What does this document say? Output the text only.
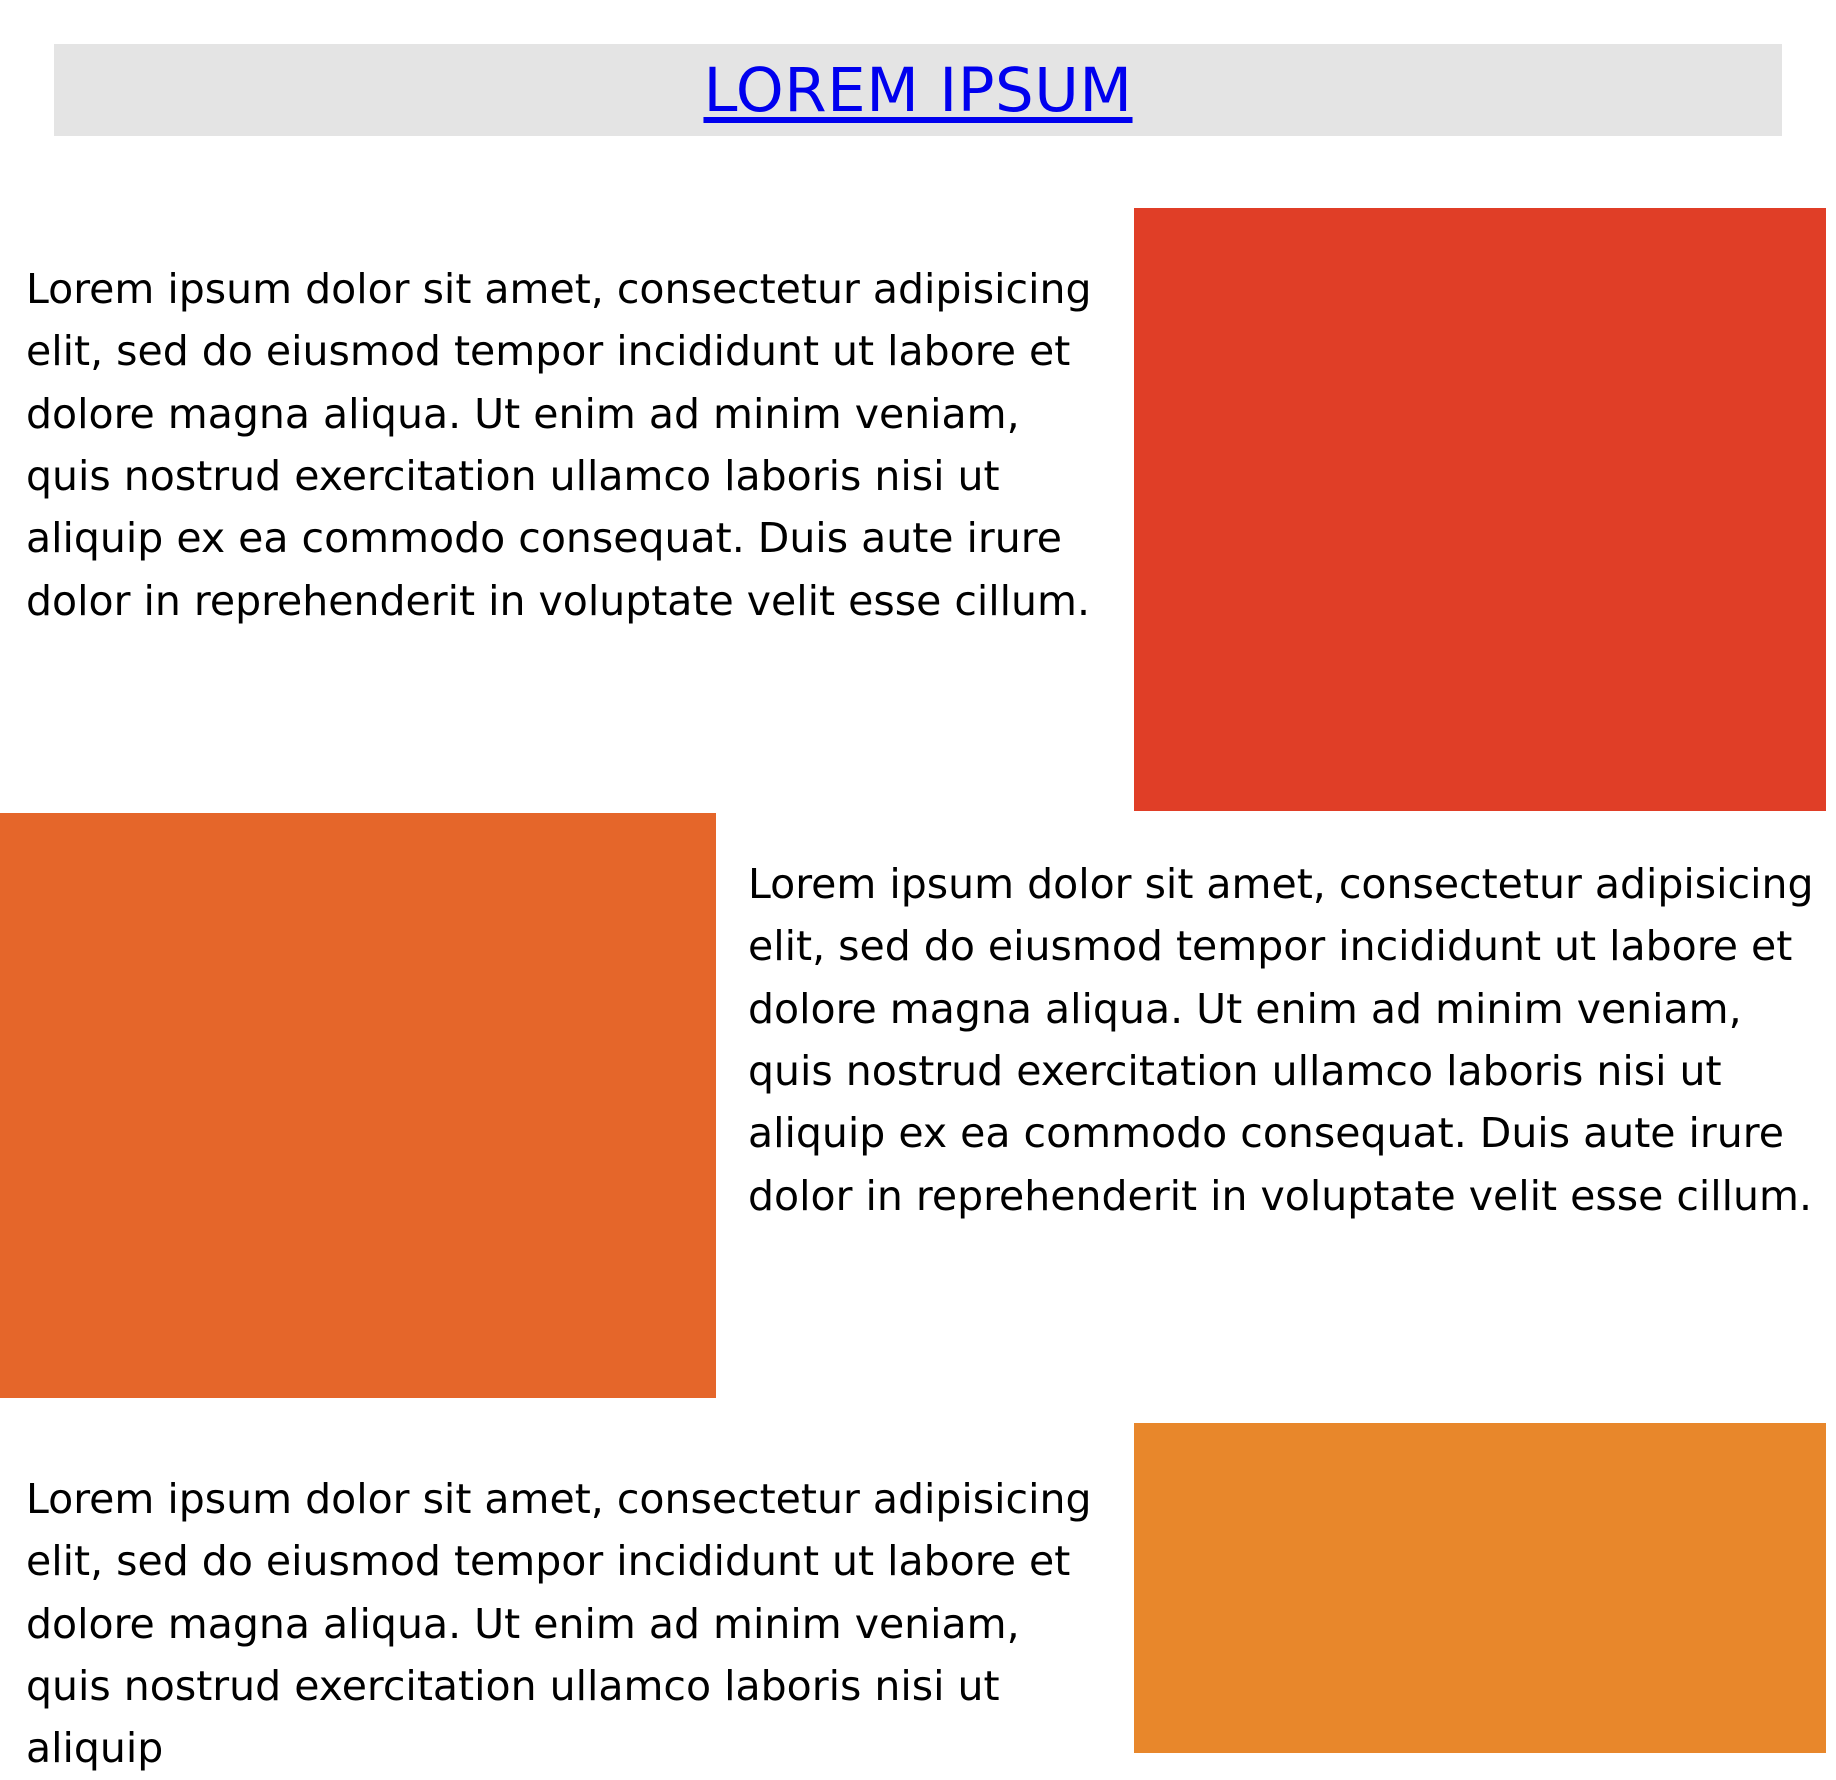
LOREM IPSUM
Lorem ipsum dolor sit amet, consectetur adipisicing elit, sed do eiusmod tempor incididunt ut labore et dolore magna aliqua. Ut enim ad minim veniam, quis nostrud exercitation ullamco laboris nisi ut aliquip ex ea commodo consequat. Duis aute irure dolor in reprehenderit in voluptate velit esse cillum.
Lorem ipsum dolor sit amet, consectetur adipisicing elit, sed do eiusmod tempor incididunt ut labore et dolore magna aliqua. Ut enim ad minim veniam, quis nostrud exercitation ullamco laboris nisi ut aliquip ex ea commodo consequat. Duis aute irure dolor in reprehenderit in voluptate velit esse cillum.
Lorem ipsum dolor sit amet, consectetur adipisicing elit, sed do eiusmod tempor incididunt ut labore et dolore magna aliqua. Ut enim ad minim veniam, quis nostrud exercitation ullamco laboris nisi ut aliquip
